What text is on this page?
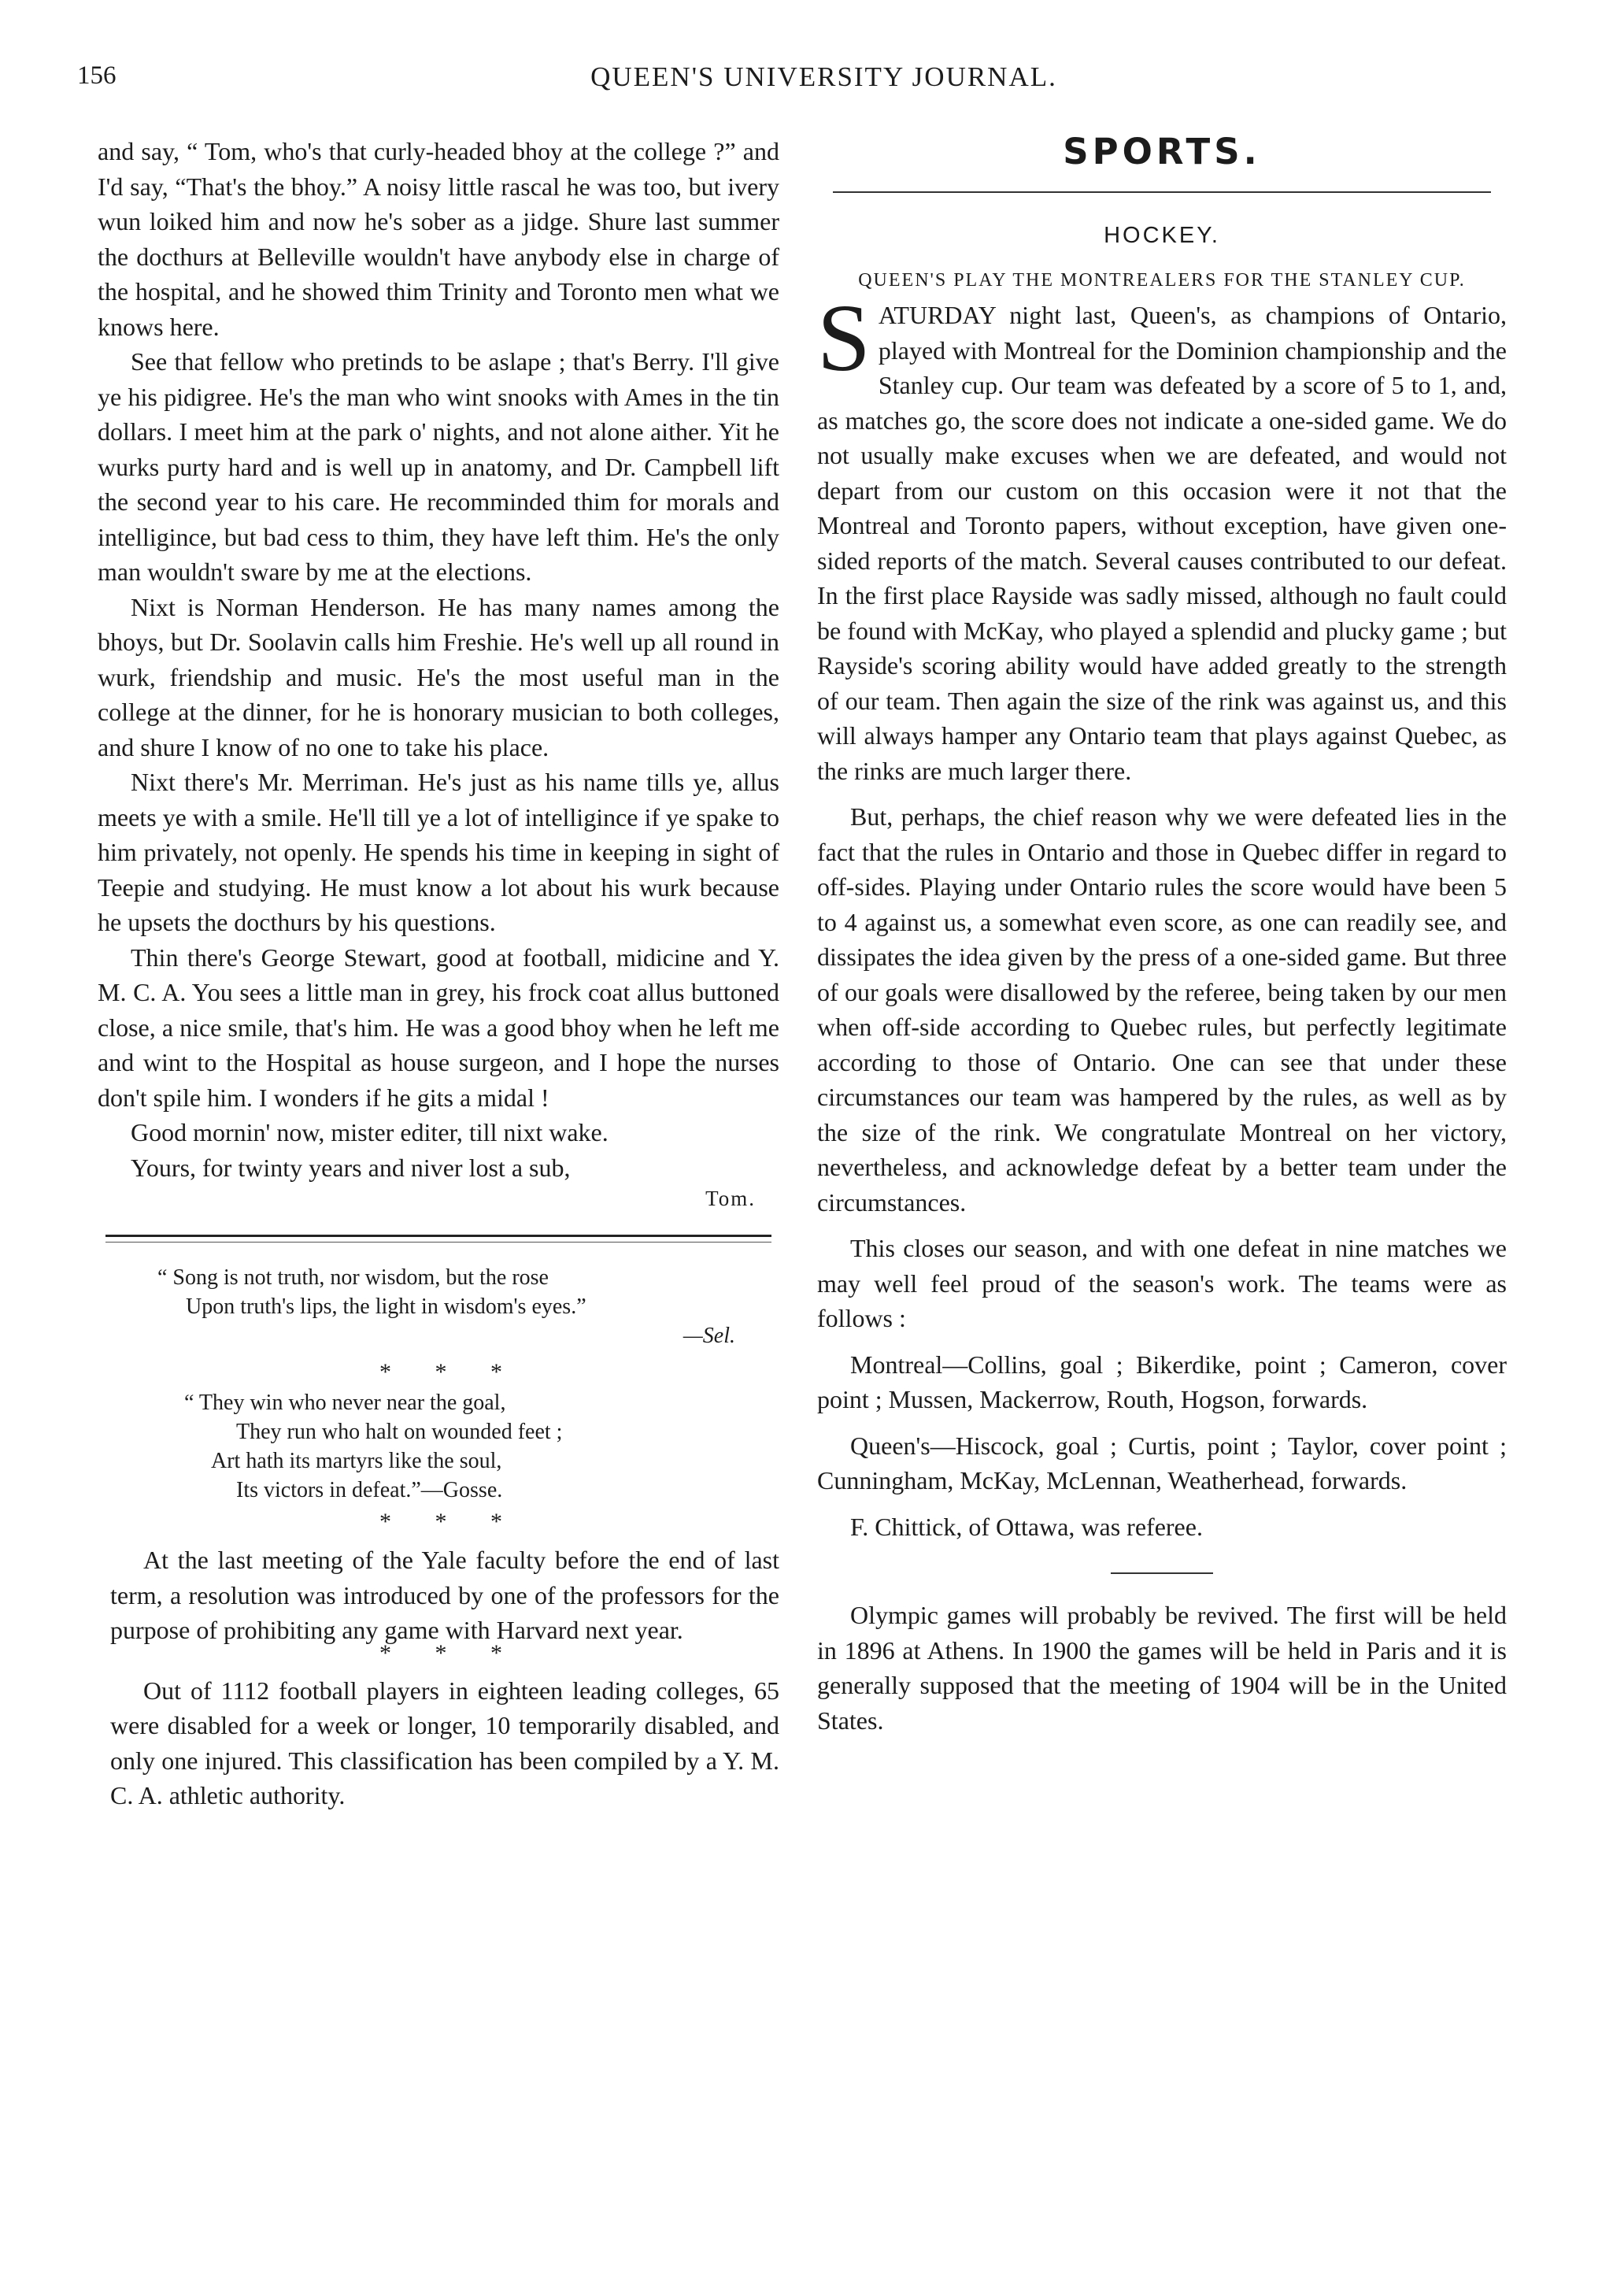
156	QUEEN'S UNIVERSITY JOURNAL.

and say, “ Tom, who's that curly-headed bhoy at the college ?” and I'd say, “That's the bhoy.” A noisy little rascal he was too, but ivery wun loiked him and now he's sober as a jidge. Shure last summer the docthurs at Belleville wouldn't have anybody else in charge of the hospital, and he showed thim Trinity and Toronto men what we knows here.

See that fellow who pretinds to be aslape ; that's Berry. I'll give ye his pidigree. He's the man who wint snooks with Ames in the tin dollars. I meet him at the park o' nights, and not alone aither. Yit he wurks purty hard and is well up in anatomy, and Dr. Campbell lift the second year to his care. He recomminded thim for morals and intelligince, but bad cess to thim, they have left thim. He's the only man wouldn't sware by me at the elections.

Nixt is Norman Henderson. He has many names among the bhoys, but Dr. Soolavin calls him Freshie. He's well up all round in wurk, friendship and music. He's the most useful man in the college at the dinner, for he is honorary musician to both colleges, and shure I know of no one to take his place.

Nixt there's Mr. Merriman. He's just as his name tills ye, allus meets ye with a smile. He'll till ye a lot of intelligince if ye spake to him privately, not openly. He spends his time in keeping in sight of Teepie and studying. He must know a lot about his wurk because he upsets the docthurs by his questions.

Thin there's George Stewart, good at football, midicine and Y. M. C. A. You sees a little man in grey, his frock coat allus buttoned close, a nice smile, that's him. He was a good bhoy when he left me and wint to the Hospital as house surgeon, and I hope the nurses don't spile him. I wonders if he gits a midal !

Good mornin' now, mister editer, till nixt wake.

Yours, for twinty years and niver lost a sub,

Tom.
“ Song is not truth, nor wisdom, but the rose
Upon truth's lips, the light in wisdom's eyes.”
—Sel.
* * *
“ They win who never near the goal,
They run who halt on wounded feet ;
Art hath its martyrs like the soul,
Its victors in defeat.”—Gosse.
* * *

At the last meeting of the Yale faculty before the end of last term, a resolution was introduced by one of the professors for the purpose of prohibiting any game with Harvard next year.

* * *

Out of 1112 football players in eighteen leading colleges, 65 were disabled for a week or longer, 10 temporarily disabled, and only one injured. This classification has been compiled by a Y. M. C. A. athletic authority.

SPORTS.
HOCKEY.
QUEEN'S PLAY THE MONTREALERS FOR THE STANLEY CUP.

SATURDAY night last, Queen's, as champions of Ontario, played with Montreal for the Dominion championship and the Stanley cup. Our team was defeated by a score of 5 to 1, and, as matches go, the score does not indicate a one-sided game. We do not usually make excuses when we are defeated, and would not depart from our custom on this occasion were it not that the Montreal and Toronto papers, without exception, have given one-sided reports of the match. Several causes contributed to our defeat. In the first place Rayside was sadly missed, although no fault could be found with McKay, who played a splendid and plucky game ; but Rayside's scoring ability would have added greatly to the strength of our team. Then again the size of the rink was against us, and this will always hamper any Ontario team that plays against Quebec, as the rinks are much larger there.

But, perhaps, the chief reason why we were defeated lies in the fact that the rules in Ontario and those in Quebec differ in regard to off-sides. Playing under Ontario rules the score would have been 5 to 4 against us, a somewhat even score, as one can readily see, and dissipates the idea given by the press of a one-sided game. But three of our goals were disallowed by the referee, being taken by our men when off-side according to Quebec rules, but perfectly legitimate according to those of Ontario. One can see that under these circumstances our team was hampered by the rules, as well as by the size of the rink. We congratulate Montreal on her victory, nevertheless, and acknowledge defeat by a better team under the circumstances.

This closes our season, and with one defeat in nine matches we may well feel proud of the season's work. The teams were as follows :

Montreal—Collins, goal ; Bikerdike, point ; Cameron, cover point ; Mussen, Mackerrow, Routh, Hogson, forwards.

Queen's—Hiscock, goal ; Curtis, point ; Taylor, cover point ; Cunningham, McKay, McLennan, Weatherhead, forwards.

F. Chittick, of Ottawa, was referee.

Olympic games will probably be revived. The first will be held in 1896 at Athens. In 1900 the games will be held in Paris and it is generally supposed that the meeting of 1904 will be in the United States.
